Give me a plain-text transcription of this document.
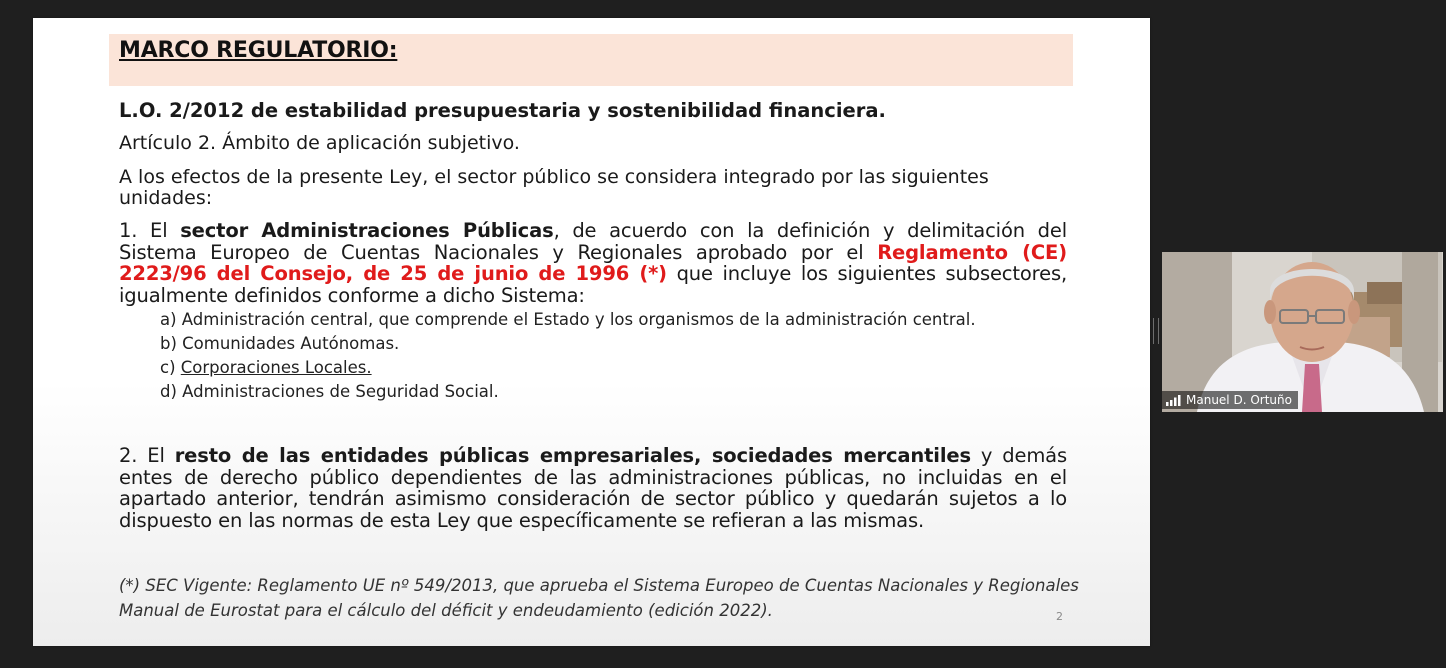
MARCO REGULATORIO:
L.O. 2/2012 de estabilidad presupuestaria y sostenibilidad financiera.
Artículo 2. Ámbito de aplicación subjetivo.
A los efectos de la presente Ley, el sector público se considera integrado por las siguientes
unidades:

1. El sector Administraciones Públicas, de acuerdo con la definición y delimitación del Sistema Europeo de Cuentas Nacionales y Regionales aprobado por el Reglamento (CE) 2223/96 del Consejo, de 25 de junio de 1996 (*) que incluye los siguientes subsectores, igualmente definidos conforme a dicho Sistema:

a) Administración central, que comprende el Estado y los organismos de la administración central.
b) Comunidades Autónomas.
c) Corporaciones Locales.
d) Administraciones de Seguridad Social.

2. El resto de las entidades públicas empresariales, sociedades mercantiles y demás entes de derecho público dependientes de las administraciones públicas, no incluidas en el apartado anterior, tendrán asimismo consideración de sector público y quedarán sujetos a lo dispuesto en las normas de esta Ley que específicamente se refieran a las mismas.

(*) SEC Vigente: Reglamento UE nº 549/2013, que aprueba el Sistema Europeo de Cuentas Nacionales y Regionales
Manual de Eurostat para el cálculo del déficit y endeudamiento (edición 2022).	2
Manuel D. Ortuño
